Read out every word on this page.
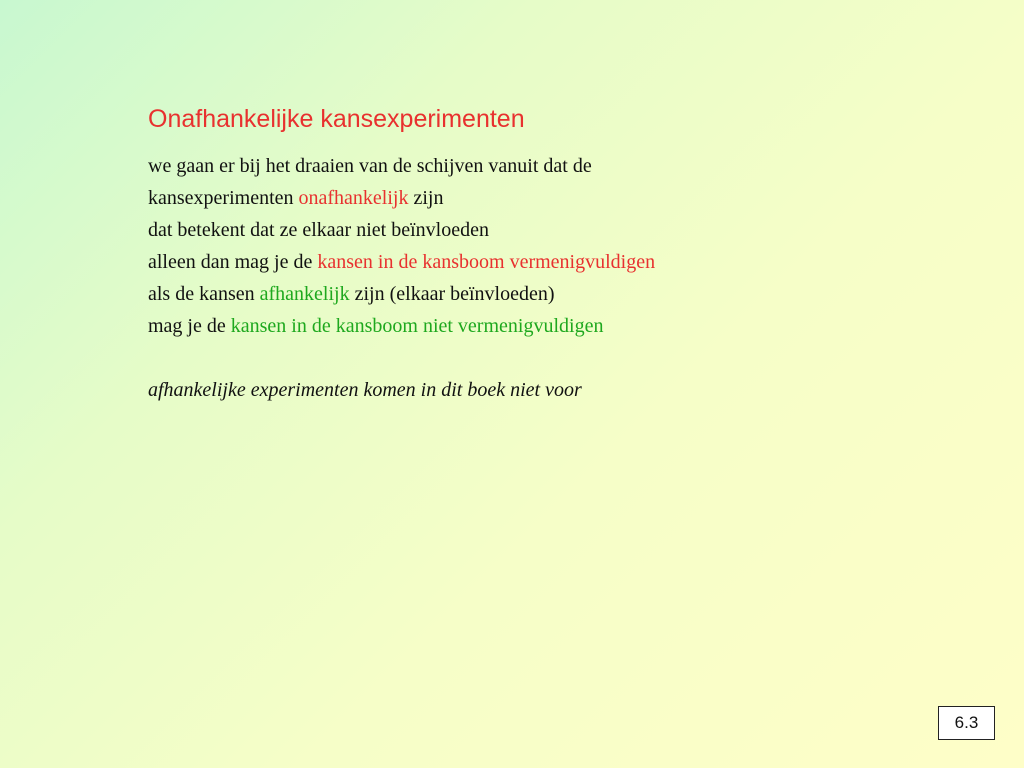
Onafhankelijke kansexperimenten
we gaan er bij het draaien van de schijven vanuit dat de
kansexperimenten onafhankelijk zijn
dat betekent dat ze elkaar niet beïnvloeden
alleen dan mag je de kansen in de kansboom vermenigvuldigen
als de kansen afhankelijk zijn (elkaar beïnvloeden)
mag je de kansen in de kansboom niet vermenigvuldigen
afhankelijke experimenten komen in dit boek niet voor
6.3
